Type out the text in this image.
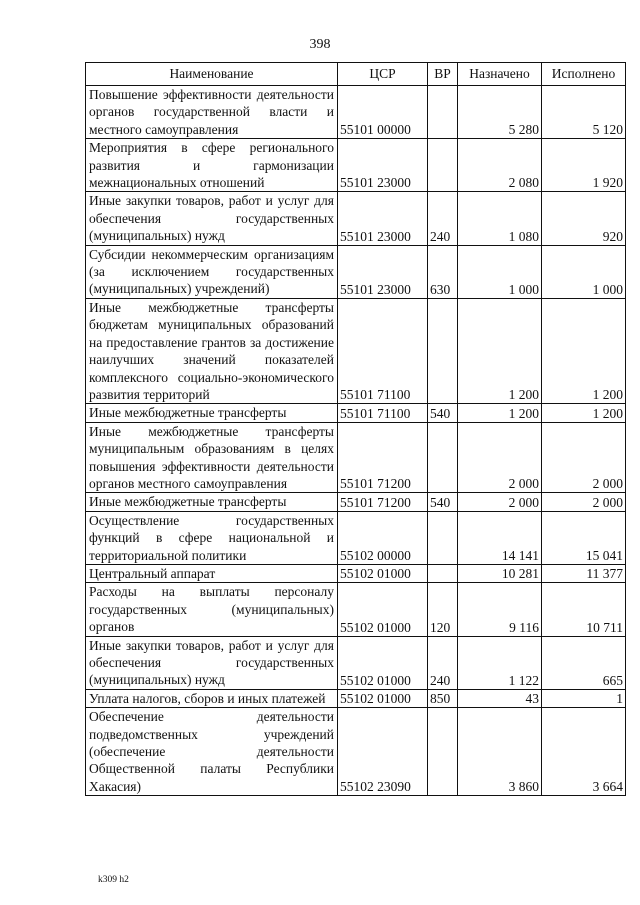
398
Наименование	ЦСР	ВР	Назначено	Исполнено
Повышение эффективности деятельности органов государственной власти и местного самоуправления	55101 00000		5 280	5 120
Мероприятия в сфере регионального развития и гармонизации межнациональных отношений	55101 23000		2 080	1 920
Иные закупки товаров, работ и услуг для обеспечения государственных (муниципальных) нужд	55101 23000	240	1 080	920
Субсидии некоммерческим организациям (за исключением государственных (муниципальных) учреждений)	55101 23000	630	1 000	1 000
Иные межбюджетные трансферты бюджетам муниципальных образований на предоставление грантов за достижение наилучших значений показателей комплексного социально-экономического развития территорий	55101 71100		1 200	1 200
Иные межбюджетные трансферты	55101 71100	540	1 200	1 200
Иные межбюджетные трансферты муниципальным образованиям в целях повышения эффективности деятельности органов местного самоуправления	55101 71200		2 000	2 000
Иные межбюджетные трансферты	55101 71200	540	2 000	2 000
Осуществление государственных функций в сфере национальной и территориальной политики	55102 00000		14 141	15 041
Центральный аппарат	55102 01000		10 281	11 377
Расходы на выплаты персоналу государственных (муниципальных) органов	55102 01000	120	9 116	10 711
Иные закупки товаров, работ и услуг для обеспечения государственных (муниципальных) нужд	55102 01000	240	1 122	665
Уплата налогов, сборов и иных платежей	55102 01000	850	43	1
Обеспечение деятельности подведомственных учреждений (обеспечение деятельности Общественной палаты Республики Хакасия)	55102 23090		3 860	3 664
k309 h2
